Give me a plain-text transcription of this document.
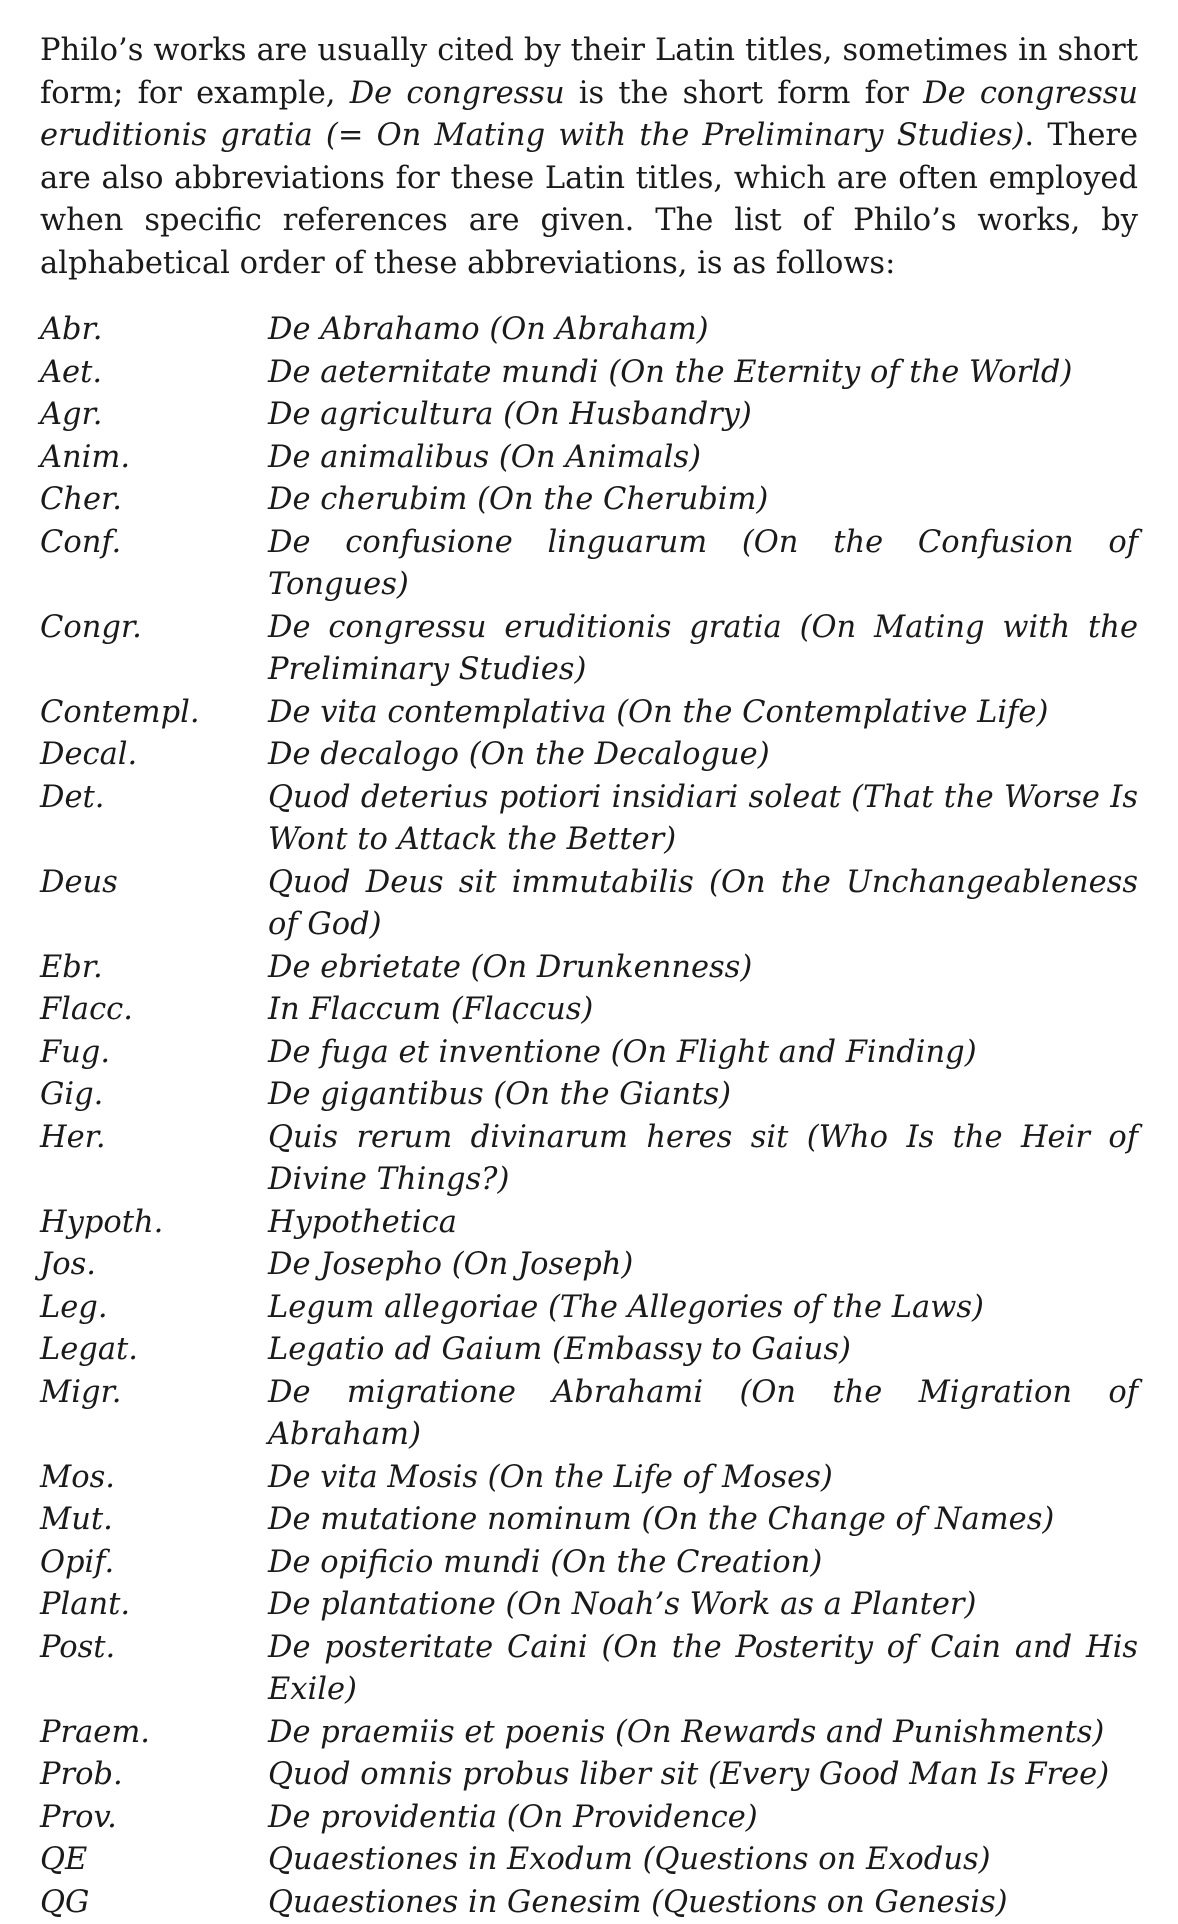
Philo’s works are usually cited by their Latin titles, sometimes in short form; for example, De congressu is the short form for De congressu eruditionis gratia (= On Mating with the Preliminary Studies). There are also abbreviations for these Latin titles, which are often employed when specific references are given. The list of Philo’s works, by alphabetical order of these abbreviations, is as follows:

Abr.	De Abrahamo (On Abraham)
Aet.	De aeternitate mundi (On the Eternity of the World)
Agr.	De agricultura (On Husbandry)
Anim.	De animalibus (On Animals)
Cher.	De cherubim (On the Cherubim)
Conf.	De confusione linguarum (On the Confusion of Tongues)
Congr.	De congressu eruditionis gratia (On Mating with the Preliminary Studies)
Contempl.	De vita contemplativa (On the Contemplative Life)
Decal.	De decalogo (On the Decalogue)
Det.	Quod deterius potiori insidiari soleat (That the Worse Is Wont to Attack the Better)
Deus	Quod Deus sit immutabilis (On the Unchangeableness of God)
Ebr.	De ebrietate (On Drunkenness)
Flacc.	In Flaccum (Flaccus)
Fug.	De fuga et inventione (On Flight and Finding)
Gig.	De gigantibus (On the Giants)
Her.	Quis rerum divinarum heres sit (Who Is the Heir of Divine Things?)
Hypoth.	Hypothetica
Jos.	De Josepho (On Joseph)
Leg.	Legum allegoriae (The Allegories of the Laws)
Legat.	Legatio ad Gaium (Embassy to Gaius)
Migr.	De migratione Abrahami (On the Migration of Abraham)
Mos.	De vita Mosis (On the Life of Moses)
Mut.	De mutatione nominum (On the Change of Names)
Opif.	De opificio mundi (On the Creation)
Plant.	De plantatione (On Noah’s Work as a Planter)
Post.	De posteritate Caini (On the Posterity of Cain and His Exile)
Praem.	De praemiis et poenis (On Rewards and Punishments)
Prob.	Quod omnis probus liber sit (Every Good Man Is Free)
Prov.	De providentia (On Providence)
QE	Quaestiones in Exodum (Questions on Exodus)
QG	Quaestiones in Genesim (Questions on Genesis)
